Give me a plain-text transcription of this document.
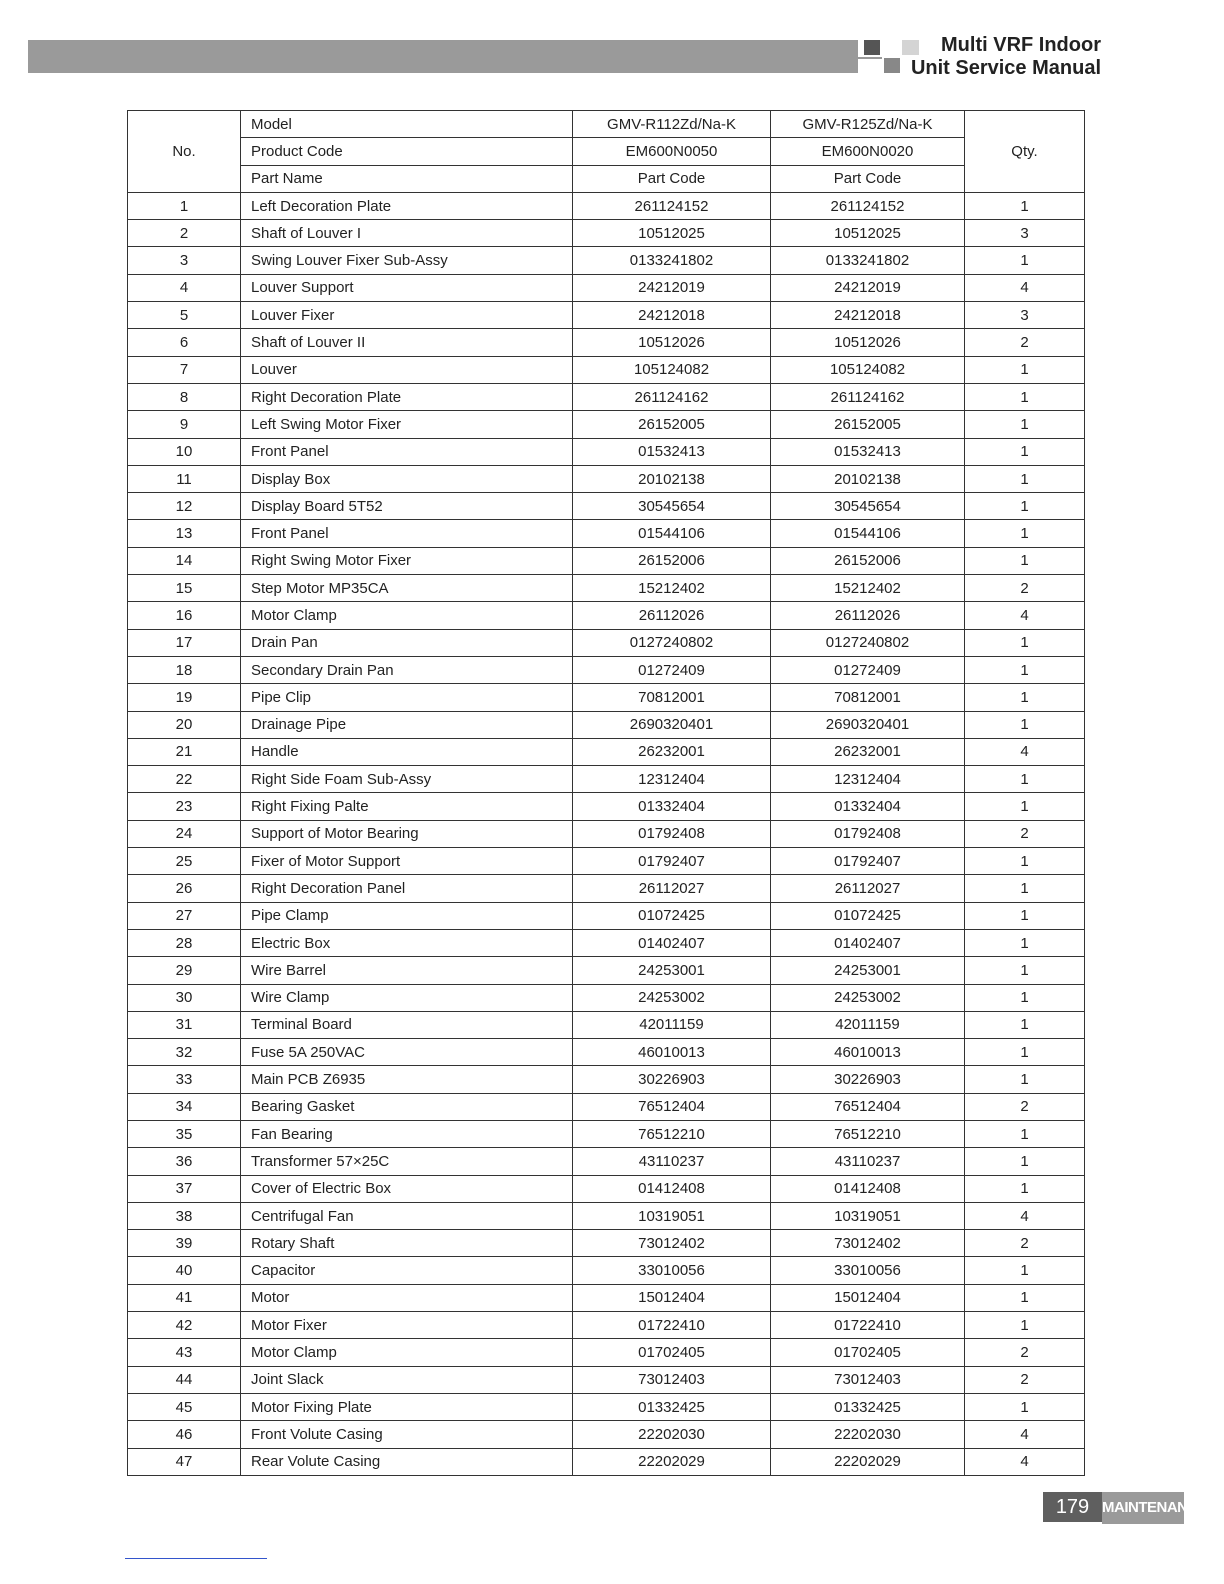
Multi VRF Indoor
Unit Service Manual
No.	Model	GMV-R112Zd/Na-K	GMV-R125Zd/Na-K	Qty.
	Product Code	EM600N0050	EM600N0020	
	Part Name	Part Code	Part Code	
1	Left Decoration Plate	261124152	261124152	1
2	Shaft of Louver I	10512025	10512025	3
3	Swing Louver Fixer Sub-Assy	0133241802	0133241802	1
4	Louver Support	24212019	24212019	4
5	Louver Fixer	24212018	24212018	3
6	Shaft of Louver II	10512026	10512026	2
7	Louver	105124082	105124082	1
8	Right Decoration Plate	261124162	261124162	1
9	Left Swing Motor Fixer	26152005	26152005	1
10	Front Panel	01532413	01532413	1
11	Display Box	20102138	20102138	1
12	Display Board 5T52	30545654	30545654	1
13	Front Panel	01544106	01544106	1
14	Right Swing Motor Fixer	26152006	26152006	1
15	Step Motor MP35CA	15212402	15212402	2
16	Motor Clamp	26112026	26112026	4
17	Drain Pan	0127240802	0127240802	1
18	Secondary Drain Pan	01272409	01272409	1
19	Pipe Clip	70812001	70812001	1
20	Drainage Pipe	2690320401	2690320401	1
21	Handle	26232001	26232001	4
22	Right Side Foam Sub-Assy	12312404	12312404	1
23	Right Fixing Palte	01332404	01332404	1
24	Support of Motor Bearing	01792408	01792408	2
25	Fixer of Motor Support	01792407	01792407	1
26	Right Decoration Panel	26112027	26112027	1
27	Pipe Clamp	01072425	01072425	1
28	Electric Box	01402407	01402407	1
29	Wire Barrel	24253001	24253001	1
30	Wire Clamp	24253002	24253002	1
31	Terminal Board	42011159	42011159	1
32	Fuse 5A 250VAC	46010013	46010013	1
33	Main PCB Z6935	30226903	30226903	1
34	Bearing Gasket	76512404	76512404	2
35	Fan Bearing	76512210	76512210	1
36	Transformer 57×25C	43110237	43110237	1
37	Cover of Electric Box	01412408	01412408	1
38	Centrifugal Fan	10319051	10319051	4
39	Rotary Shaft	73012402	73012402	2
40	Capacitor	33010056	33010056	1
41	Motor	15012404	15012404	1
42	Motor Fixer	01722410	01722410	1
43	Motor Clamp	01702405	01702405	2
44	Joint Slack	73012403	73012403	2
45	Motor Fixing Plate	01332425	01332425	1
46	Front Volute Casing	22202030	22202030	4
47	Rear Volute Casing	22202029	22202029	4
179 MAINTENANCE
